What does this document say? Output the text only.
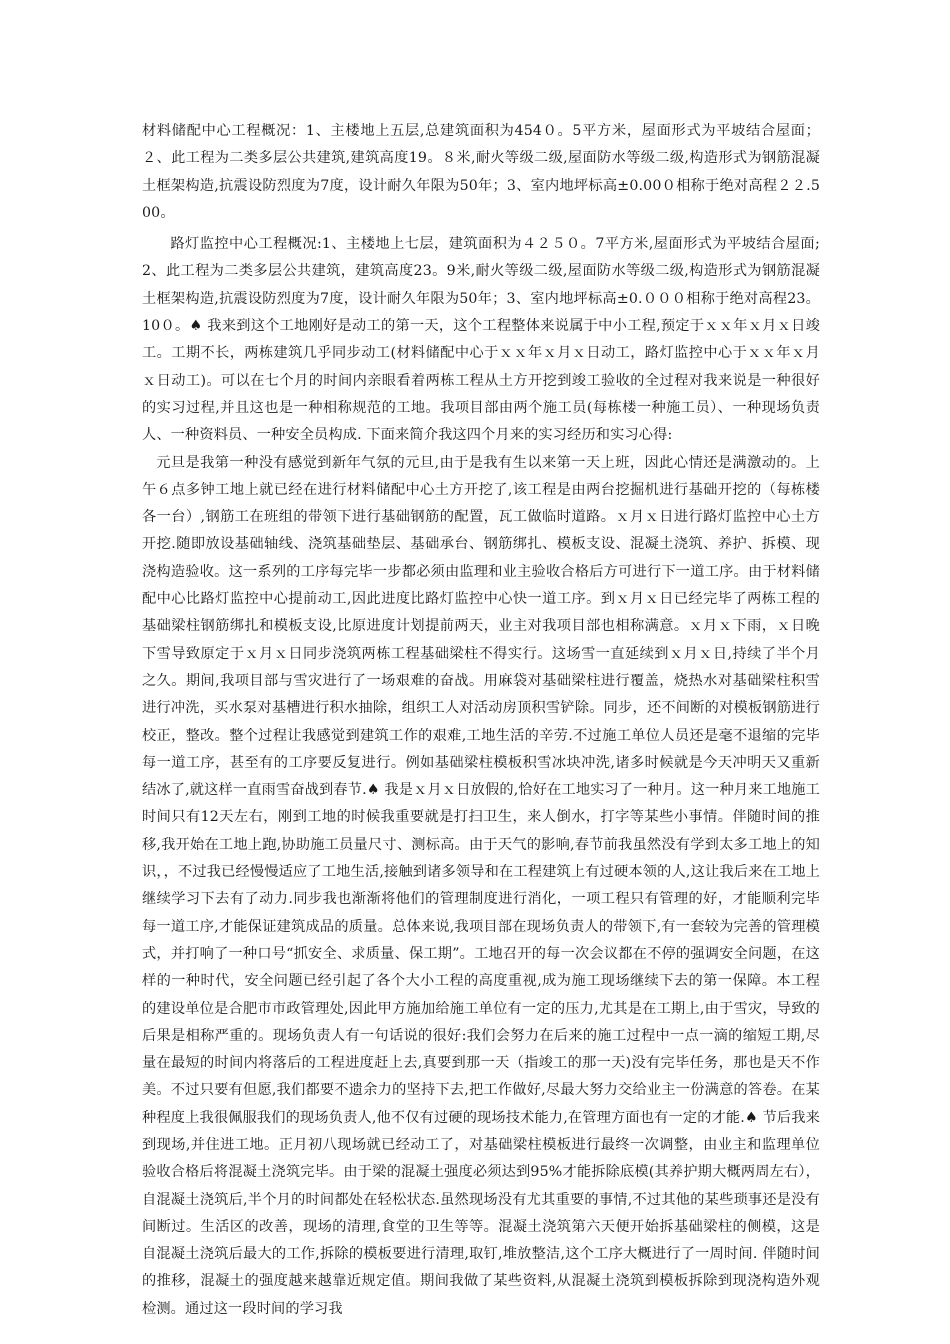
材料储配中心工程概况：1、主楼地上五层,总建筑面积为454０。5平方米，屋面形式为平坡结合屋面；２、此工程为二类多层公共建筑,建筑高度19。８米,耐火等级二级,屋面防水等级二级,构造形式为钢筋混凝土框架构造,抗震设防烈度为7度，设计耐久年限为50年；3、室内地坪标高±0.00０相称于绝对高程２２.500。

路灯监控中心工程概况:1、主楼地上七层，建筑面积为４２５０。7平方米,屋面形式为平坡结合屋面;2、此工程为二类多层公共建筑，建筑高度23。9米,耐火等级二级,屋面防水等级二级,构造形式为钢筋混凝土框架构造,抗震设防烈度为7度，设计耐久年限为50年；3、室内地坪标高±0.０００相称于绝对高程23。10０。♠ 我来到这个工地刚好是动工的第一天，这个工程整体来说属于中小工程,预定于ｘｘ年ｘ月ｘ日竣工。工期不长，两栋建筑几乎同步动工(材料储配中心于ｘｘ年ｘ月ｘ日动工，路灯监控中心于ｘｘ年ｘ月ｘ日动工)。可以在七个月的时间内亲眼看着两栋工程从土方开挖到竣工验收的全过程对我来说是一种很好的实习过程,并且这也是一种相称规范的工地。我项目部由两个施工员(每栋楼一种施工员）、一种现场负责人、一种资料员、一种安全员构成. 下面来简介我这四个月来的实习经历和实习心得:

元旦是我第一种没有感觉到新年气氛的元旦,由于是我有生以来第一天上班，因此心情还是满激动的。上午６点多钟工地上就已经在进行材料储配中心土方开挖了,该工程是由两台挖掘机进行基础开挖的（每栋楼各一台）,钢筋工在班组的带领下进行基础钢筋的配置，瓦工做临时道路。ｘ月ｘ日进行路灯监控中心土方开挖.随即放设基础轴线、浇筑基础垫层、基础承台、钢筋绑扎、模板支设、混凝土浇筑、养护、拆模、现浇构造验收。这一系列的工序每完毕一步都必须由监理和业主验收合格后方可进行下一道工序。由于材料储配中心比路灯监控中心提前动工,因此进度比路灯监控中心快一道工序。到ｘ月ｘ日已经完毕了两栋工程的基础梁柱钢筋绑扎和模板支设,比原进度计划提前两天，业主对我项目部也相称满意。ｘ月ｘ下雨，ｘ日晚下雪导致原定于ｘ月ｘ日同步浇筑两栋工程基础梁柱不得实行。这场雪一直延续到ｘ月ｘ日,持续了半个月之久。期间,我项目部与雪灾进行了一场艰难的奋战。用麻袋对基础梁柱进行覆盖，烧热水对基础梁柱积雪进行冲洗，买水泵对基槽进行积水抽除，组织工人对活动房顶积雪铲除。同步，还不间断的对模板钢筋进行校正，整改。整个过程让我感觉到建筑工作的艰难,工地生活的辛劳.不过施工单位人员还是毫不退缩的完毕每一道工序，甚至有的工序要反复进行。例如基础梁柱模板积雪冰块冲洗,诸多时候就是今天冲明天又重新结冰了,就这样一直雨雪奋战到春节.♠ 我是ｘ月ｘ日放假的,恰好在工地实习了一种月。这一种月来工地施工时间只有12天左右，刚到工地的时候我重要就是打扫卫生，来人倒水，打字等某些小事情。伴随时间的推移,我开始在工地上跑,协助施工员量尺寸、测标高。由于天气的影响,春节前我虽然没有学到太多工地上的知识，，不过我已经慢慢适应了工地生活,接触到诸多领导和在工程建筑上有过硬本领的人,这让我后来在工地上继续学习下去有了动力.同步我也渐渐将他们的管理制度进行消化，一项工程只有管理的好，才能顺利完毕每一道工序,才能保证建筑成品的质量。总体来说,我项目部在现场负责人的带领下,有一套较为完善的管理模式，并打响了一种口号“抓安全、求质量、保工期”。工地召开的每一次会议都在不停的强调安全问题，在这样的一种时代，安全问题已经引起了各个大小工程的高度重视,成为施工现场继续下去的第一保障。本工程的建设单位是合肥市市政管理处,因此甲方施加给施工单位有一定的压力,尤其是在工期上,由于雪灾，导致的后果是相称严重的。现场负责人有一句话说的很好:我们会努力在后来的施工过程中一点一滴的缩短工期,尽量在最短的时间内将落后的工程进度赶上去,真要到那一天（指竣工的那一天)没有完毕任务，那也是天不作美。不过只要有但愿,我们都要不遗余力的坚持下去,把工作做好,尽最大努力交给业主一份满意的答卷。在某种程度上我很佩服我们的现场负责人,他不仅有过硬的现场技术能力,在管理方面也有一定的才能.♠ 节后我来到现场,并住进工地。正月初八现场就已经动工了，对基础梁柱模板进行最终一次调整，由业主和监理单位验收合格后将混凝土浇筑完毕。由于梁的混凝土强度必须达到95%才能拆除底模(其养护期大概两周左右），自混凝土浇筑后,半个月的时间都处在轻松状态.虽然现场没有尤其重要的事情,不过其他的某些琐事还是没有间断过。生活区的改善，现场的清理,食堂的卫生等等。混凝土浇筑第六天便开始拆基础梁柱的侧模，这是自混凝土浇筑后最大的工作,拆除的模板要进行清理,取钉,堆放整洁,这个工序大概进行了一周时间. 伴随时间的推移，混凝土的强度越来越靠近规定值。期间我做了某些资料,从混凝土浇筑到模板拆除到现浇构造外观检测。通过这一段时间的学习我
